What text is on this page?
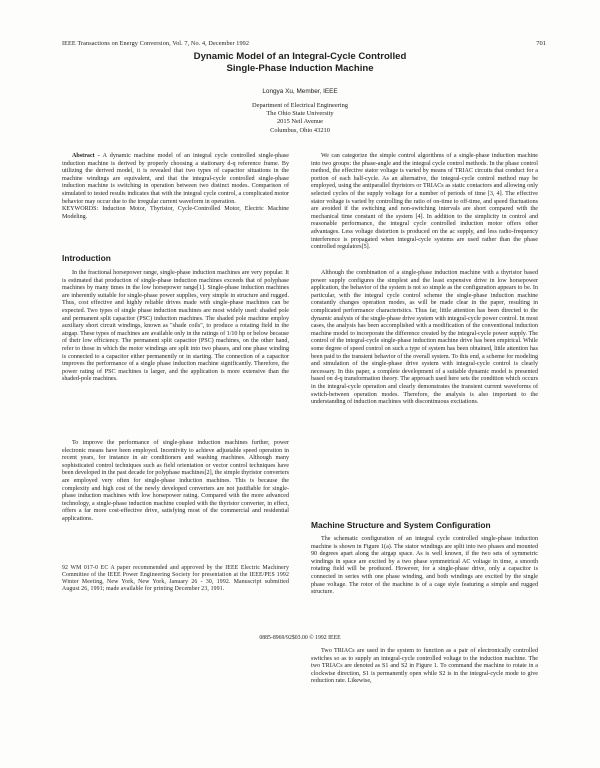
IEEE Transactions on Energy Conversion, Vol. 7, No. 4, December 1992	701
Dynamic Model of an Integral-Cycle Controlled
Single-Phase Induction Machine
Longya Xu, Member, IEEE
Department of Electrical Engineering
The Ohio State University
2015 Neil Avenue
Columbus, Ohio 43210

Abstract - A dynamic machine model of an integral cycle controlled single-phase induction machine is derived by properly choosing a stationary d-q reference frame. By utilizing the derived model, it is revealed that two types of capacitor situations in the machine windings are equivalent, and that the integral-cycle controlled single-phase induction machine is switching in operation between two distinct modes. Comparison of simulated to tested results indicates that with the integral cycle control, a complicated motor behavior may occur due to the irregular current waveform in operation.

KEYWORDS: Induction Motor, Thyristor, Cycle-Controlled Motor, Electric Machine Modeling.

Introduction

In the fractional horsepower range, single-phase induction machines are very popular. It is estimated that production of single-phase induction machines exceeds that of polyphase machines by many times in the low horsepower range[1]. Single-phase induction machines are inherently suitable for single-phase power supplies, very simple in structure and rugged. Thus, cost effective and highly reliable drives made with single-phase machines can be expected. Two types of single phase induction machines are most widely used: shaded pole and permanent split capacitor (PSC) induction machines. The shaded pole machine employ auxiliary short circuit windings, known as "shade coils", to produce a rotating field in the airgap. These types of machines are available only in the ratings of 1/10 hp or below because of their low efficiency. The permanent split capacitor (PSC) machines, on the other hand, refer to those in which the motor windings are split into two phases, and one phase winding is connected to a capacitor either permanently or in starting. The connection of a capacitor improves the performance of a single phase induction machine significantly. Therefore, the power rating of PSC machines is larger, and the application is more extensive than the shaded-pole machines.

To improve the performance of single-phase induction machines further, power electronic means have been employed. Incentivity to achieve adjustable speed operation in recent years, for instance in air conditioners and washing machines. Although many sophisticated control techniques such as field orientation or vector control techniques have been developed in the past decade for polyphase machines[2], the simple thyristor converters are employed very often for single-phase induction machines. This is because the complexity and high cost of the newly developed converters are not justifiable for single-phase induction machines with low horsepower rating. Compared with the more advanced technology, a single-phase induction machine coupled with the thyristor converter, in effect, offers a far more cost-effective drive, satisfying most of the commercial and residential applications.

92 WM 017-0 EC A paper recommended and approved by the IEEE Electric Machinery Committee of the IEEE Power Engineering Society for presentation at the IEEE/PES 1992 Winter Meeting, New York, New York, January 26 - 30, 1992. Manuscript submitted August 26, 1991; made available for printing December 23, 1991.

0885-8969/92$03.00 © 1992 IEEE

We can categorize the simple control algorithms of a single-phase induction machine into two groups: the phase-angle and the integral cycle control methods. In the phase control method, the effective stator voltage is varied by means of TRIAC circuits that conduct for a portion of each half-cycle. As an alternative, the integral-cycle control method may be employed, using the antiparallel thyristors or TRIACs as static contactors and allowing only selected cycles of the supply voltage for a number of periods of time [3, 4]. The effective stator voltage is varied by controlling the ratio of on-time to off-time, and speed fluctuations are avoided if the switching and non-switching intervals are short compared with the mechanical time constant of the system [4]. In addition to the simplicity in control and reasonable performance, the integral cycle controlled induction motor offers other advantages. Less voltage distortion is produced on the ac supply, and less radio-frequency interference is propagated when integral-cycle systems are used rather than the phase controlled regulators[5].

Although the combination of a single-phase induction machine with a thyristor based power supply configures the simplest and the least expensive drive in low horsepower application, the behavior of the system is not so simple as the configuration appears to be. In particular, with the integral cycle control scheme the single-phase induction machine constantly changes operation modes, as will be made clear in the paper, resulting in complicated performance characteristics. Thus far, little attention has been directed to the dynamic analysis of the single-phase drive system with integral-cycle power control. In most cases, the analysis has been accomplished with a modification of the conventional induction machine model to incorporate the difference created by the integral-cycle power supply. The control of the integral-cycle single-phase induction machine drive has been empirical. While some degree of speed control on such a type of system has been obtained, little attention has been paid to the transient behavior of the overall system. To this end, a scheme for modeling and simulation of the single-phase drive system with integral-cycle control is clearly necessary. In this paper, a complete development of a suitable dynamic model is presented based on d-q transformation theory. The approach used here sets the condition which occurs in the integral-cycle operation and clearly demonstrates the transient current waveforms of switch-between operation modes. Therefore, the analysis is also important to the understanding of induction machines with discontinuous excitations.

Machine Structure and System Configuration

The schematic configuration of an integral cycle controlled single-phase induction machine is shown in Figure 1(a). The stator windings are split into two phases and mounted 90 degrees apart along the airgap space. As is well known, if the two sets of symmetric windings in space are excited by a two phase symmetrical AC voltage in time, a smooth rotating field will be produced. However, for a single-phase drive, only a capacitor is connected in series with one phase winding, and both windings are excited by the single phase voltage. The rotor of the machine is of a cage style featuring a simple and rugged structure.

Two TRIACs are used in the system to function as a pair of electronically controlled switches so as to supply an integral-cycle controlled voltage to the induction machine. The two TRIACs are denoted as S1 and S2 in Figure 1. To command the machine to rotate in a clockwise direction, S1 is permanently open while S2 is in the integral-cycle mode to give reduction rate. Likewise,
